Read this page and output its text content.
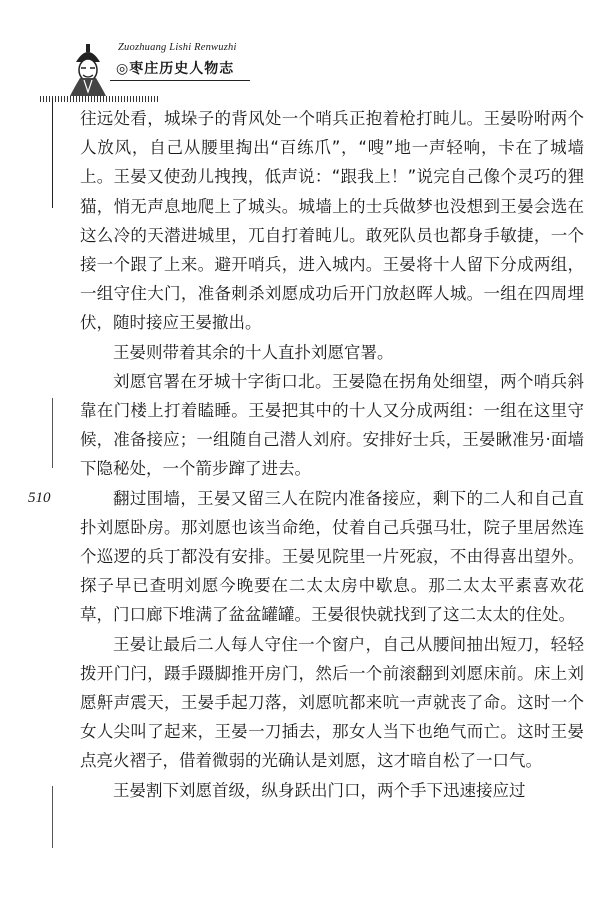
Zuozhuang Lishi Renwuzhi
◎枣庄历史人物志
510

往远处看，城垛子的背风处一个哨兵正抱着枪打盹儿。王晏吩咐两个人放风，自己从腰里掏出“百练爪”，“嗖”地一声轻响，卡在了城墙上。王晏又使劲儿拽拽，低声说：“跟我上！”说完自己像个灵巧的狸猫，悄无声息地爬上了城头。城墙上的士兵做梦也没想到王晏会选在这么冷的天潜进城里，兀自打着盹儿。敢死队员也都身手敏捷，一个接一个跟了上来。避开哨兵，进入城内。王晏将十人留下分成两组，一组守住大门，准备刺杀刘愿成功后开门放赵晖人城。一组在四周埋伏，随时接应王晏撤出。

王晏则带着其余的十人直扑刘愿官署。

刘愿官署在牙城十字街口北。王晏隐在拐角处细望，两个哨兵斜靠在门楼上打着瞌睡。王晏把其中的十人又分成两组：一组在这里守候，准备接应；一组随自己潜人刘府。安排好士兵，王晏瞅准另·面墙下隐秘处，一个箭步蹿了进去。

翻过围墙，王晏又留三人在院内准备接应，剩下的二人和自己直扑刘愿卧房。那刘愿也该当命绝，仗着自己兵强马壮，院子里居然连个巡逻的兵丁都没有安排。王晏见院里一片死寂，不由得喜出望外。探子早已查明刘愿今晚要在二太太房中歇息。那二太太平素喜欢花草，门口廊下堆满了盆盆罐罐。王晏很快就找到了这二太太的住处。

王晏让最后二人每人守住一个窗户，自己从腰间抽出短刀，轻轻拨开门闩，蹑手蹑脚推开房门，然后一个前滚翻到刘愿床前。床上刘愿鼾声震天，王晏手起刀落，刘愿吭都来吭一声就丧了命。这时一个女人尖叫了起来，王晏一刀插去，那女人当下也绝气而亡。这时王晏点亮火褶子，借着微弱的光确认是刘愿，这才暗自松了一口气。

王晏割下刘愿首级，纵身跃出门口，两个手下迅速接应过
